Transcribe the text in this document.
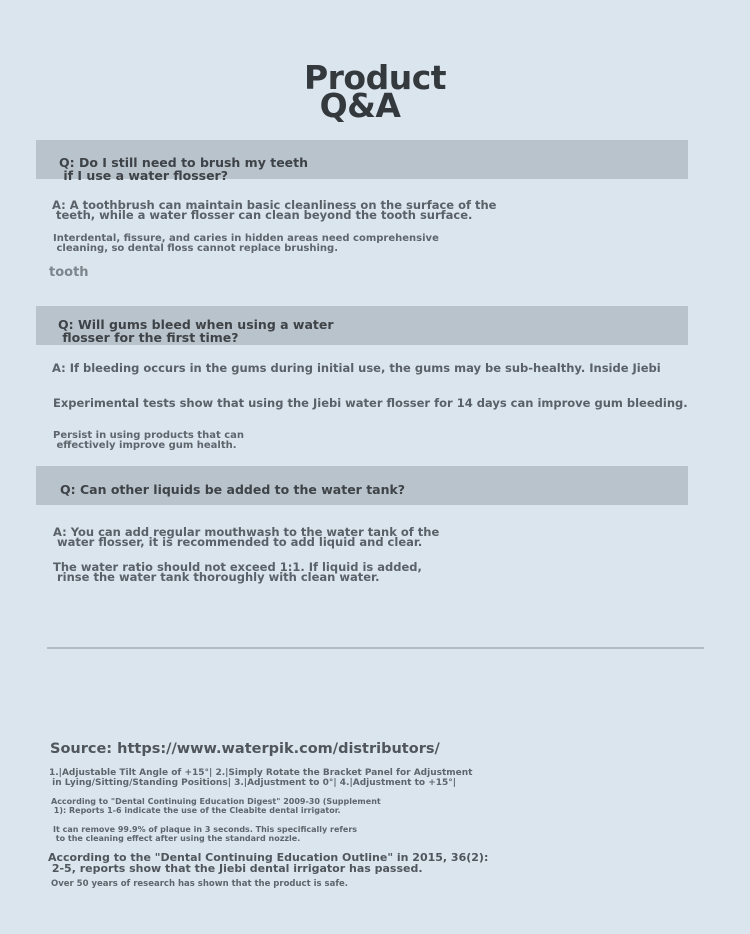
Product
Q&A
Q: Do I still need to brush my teeth
if I use a water flosser?
A: A toothbrush can maintain basic cleanliness on the surface of the
teeth, while a water flosser can clean beyond the tooth surface.
Interdental, fissure, and caries in hidden areas need comprehensive
cleaning, so dental floss cannot replace brushing.
tooth
Q: Will gums bleed when using a water
flosser for the first time?
A: If bleeding occurs in the gums during initial use, the gums may be sub-healthy. Inside Jiebi
Experimental tests show that using the Jiebi water flosser for 14 days can improve gum bleeding.
Persist in using products that can
effectively improve gum health.
Q: Can other liquids be added to the water tank?
A: You can add regular mouthwash to the water tank of the
water flosser, it is recommended to add liquid and clear.
The water ratio should not exceed 1:1. If liquid is added,
rinse the water tank thoroughly with clean water.
Source: https://www.waterpik.com/distributors/
1.|Adjustable Tilt Angle of +15°| 2.|Simply Rotate the Bracket Panel for Adjustment
in Lying/Sitting/Standing Positions| 3.|Adjustment to 0°| 4.|Adjustment to +15°|
According to "Dental Continuing Education Digest" 2009-30 (Supplement
1): Reports 1-6 indicate the use of the Cleabite dental irrigator.
It can remove 99.9% of plaque in 3 seconds. This specifically refers
to the cleaning effect after using the standard nozzle.
According to the "Dental Continuing Education Outline" in 2015, 36(2):
2-5, reports show that the Jiebi dental irrigator has passed.
Over 50 years of research has shown that the product is safe.
